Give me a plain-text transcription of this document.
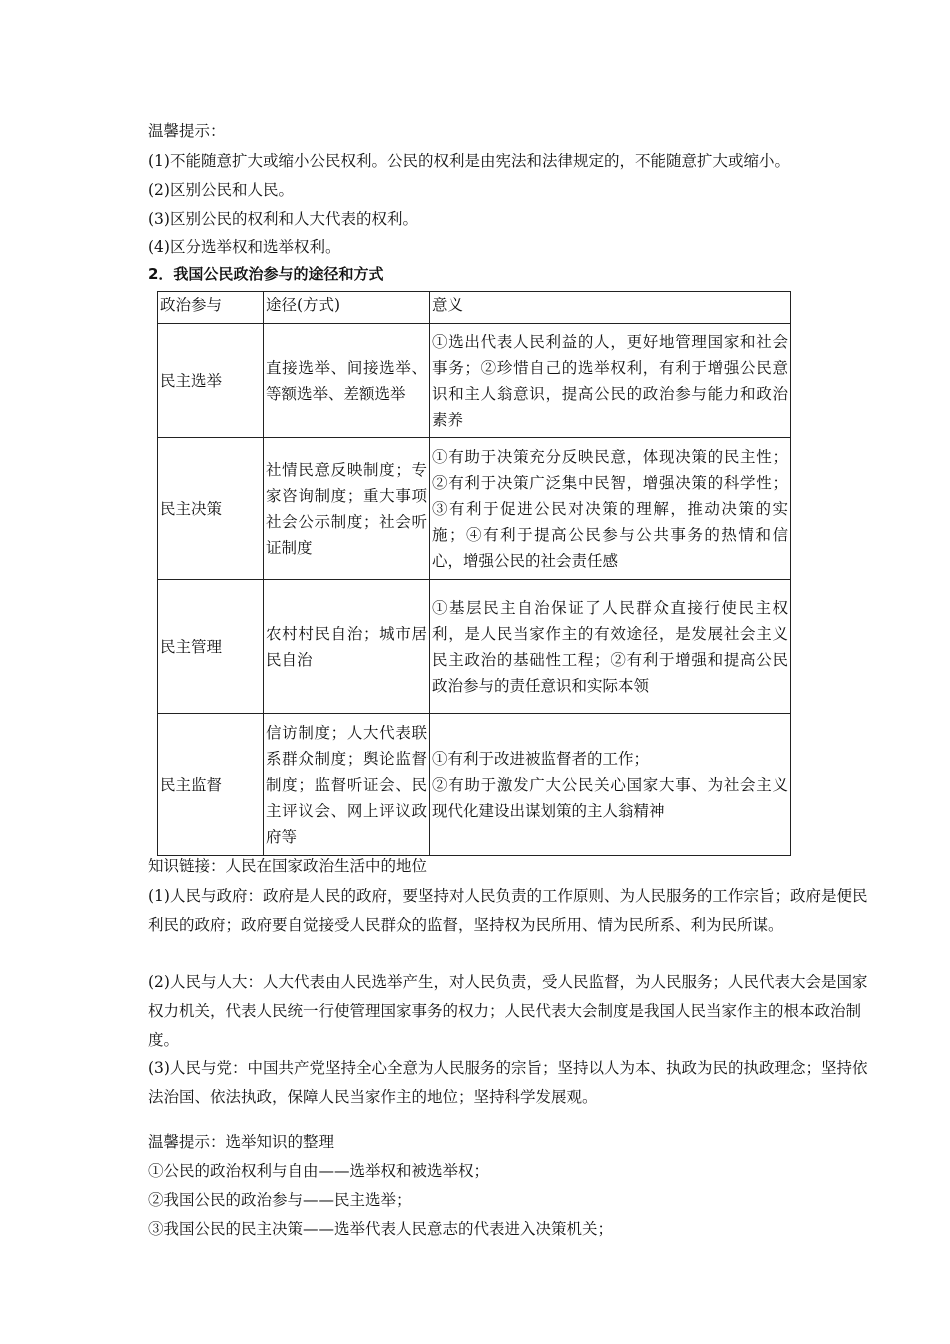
温馨提示：
(1)不能随意扩大或缩小公民权利。公民的权利是由宪法和法律规定的，不能随意扩大或缩小。
(2)区别公民和人民。
(3)区别公民的权利和人大代表的权利。
(4)区分选举权和选举权利。
2．我国公民政治参与的途径和方式
政治参与	途径(方式)	意义
民主选举	直接选举、间接选举、等额选举、差额选举	①选出代表人民利益的人，更好地管理国家和社会事务；②珍惜自己的选举权利，有利于增强公民意识和主人翁意识，提高公民的政治参与能力和政治素养
民主决策	社情民意反映制度；专家咨询制度；重大事项社会公示制度；社会听证制度	①有助于决策充分反映民意，体现决策的民主性；②有利于决策广泛集中民智，增强决策的科学性；③有利于促进公民对决策的理解，推动决策的实施；④有利于提高公民参与公共事务的热情和信心，增强公民的社会责任感
民主管理	农村村民自治；城市居民自治	①基层民主自治保证了人民群众直接行使民主权利，是人民当家作主的有效途径，是发展社会主义民主政治的基础性工程；②有利于增强和提高公民政治参与的责任意识和实际本领
民主监督	信访制度；人大代表联系群众制度；舆论监督制度；监督听证会、民主评议会、网上评议政府等	①有利于改进被监督者的工作；
②有助于激发广大公民关心国家大事、为社会主义现代化建设出谋划策的主人翁精神
知识链接：人民在国家政治生活中的地位
(1)人民与政府：政府是人民的政府，要坚持对人民负责的工作原则、为人民服务的工作宗旨；政府是便民利民的政府；政府要自觉接受人民群众的监督，坚持权为民所用、情为民所系、利为民所谋。
(2)人民与人大：人大代表由人民选举产生，对人民负责，受人民监督，为人民服务；人民代表大会是国家权力机关，代表人民统一行使管理国家事务的权力；人民代表大会制度是我国人民当家作主的根本政治制度。
(3)人民与党：中国共产党坚持全心全意为人民服务的宗旨；坚持以人为本、执政为民的执政理念；坚持依法治国、依法执政，保障人民当家作主的地位；坚持科学发展观。
温馨提示：选举知识的整理
①公民的政治权利与自由——选举权和被选举权；
②我国公民的政治参与——民主选举；
③我国公民的民主决策——选举代表人民意志的代表进入决策机关；
